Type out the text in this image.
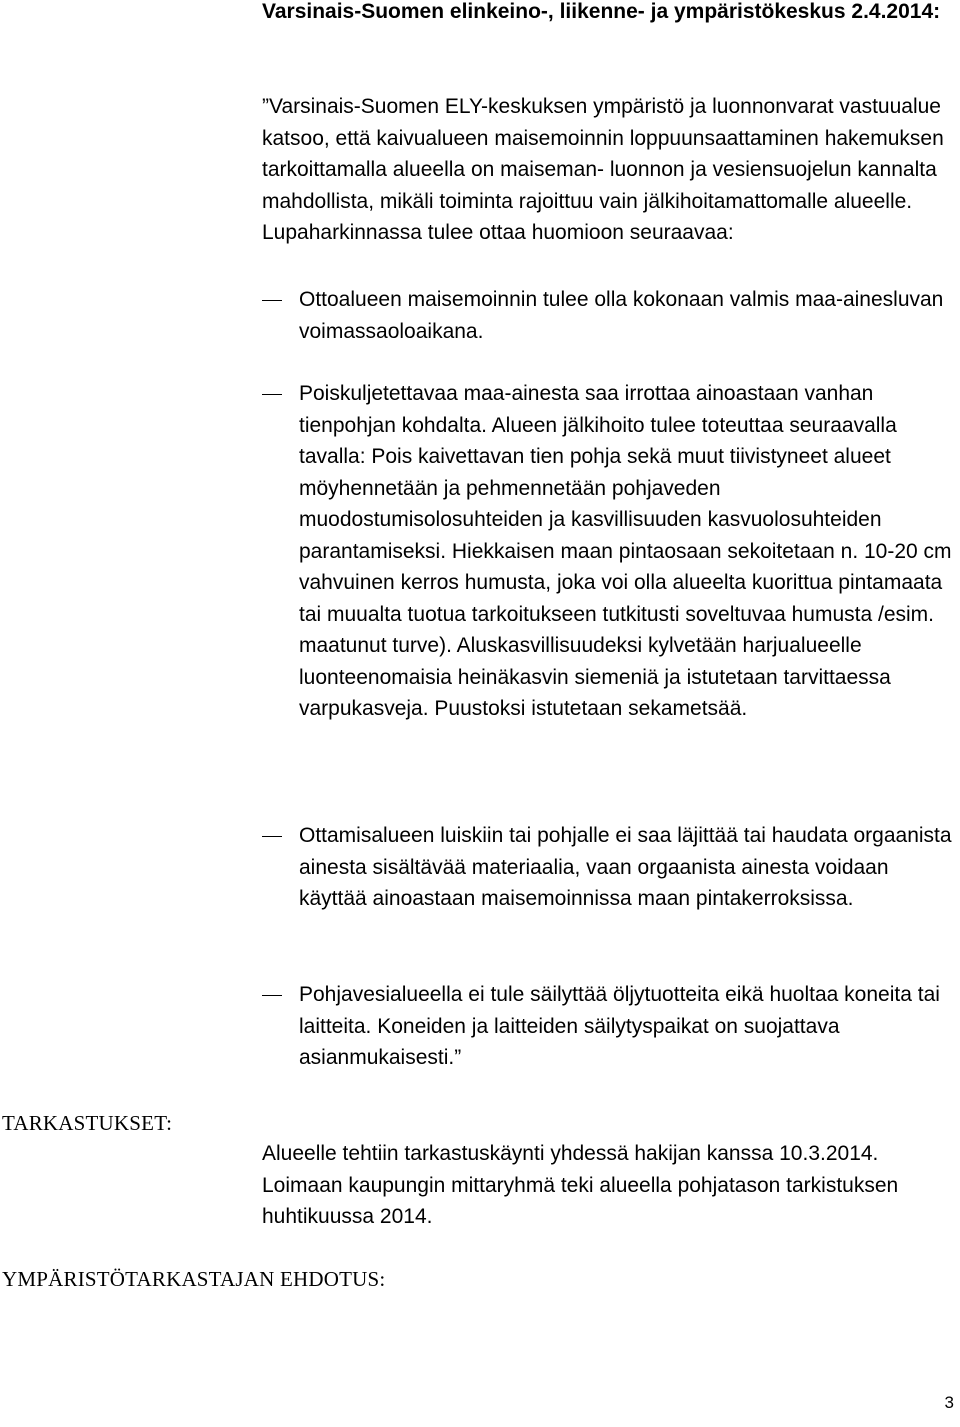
Varsinais-Suomen elinkeino-, liikenne- ja ympäristökeskus 2.4.2014:

”Varsinais-Suomen ELY-keskuksen ympäristö ja luonnonvarat vastuualue katsoo, että kaivualueen maisemoinnin loppuunsaattaminen hakemuksen tarkoittamalla alueella on maiseman- luonnon ja vesiensuojelun kannalta mahdollista, mikäli toiminta rajoittuu vain jälkihoitamattomalle alueelle. Lupaharkinnassa tulee ottaa huomioon seuraavaa:

Ottoalueen maisemoinnin tulee olla kokonaan valmis maa-ainesluvan voimassaoloaikana.
Poiskuljetettavaa maa-ainesta saa irrottaa ainoastaan vanhan tienpohjan kohdalta. Alueen jälkihoito tulee toteuttaa seuraavalla tavalla: Pois kaivettavan tien pohja sekä muut tiivistyneet alueet möyhennetään ja pehmennetään pohjaveden muodostumisolosuhteiden ja kasvillisuuden kasvuolosuhteiden parantamiseksi. Hiekkaisen maan pintaosaan sekoitetaan n. 10-20 cm vahvuinen kerros humusta, joka voi olla alueelta kuorittua pintamaata tai muualta tuotua tarkoitukseen tutkitusti soveltuvaa humusta /esim. maatunut turve). Aluskasvillisuudeksi kylvetään harjualueelle luonteenomaisia heinäkasvin siemeniä ja istutetaan tarvittaessa varpukasveja. Puustoksi istutetaan sekametsää.
Ottamisalueen luiskiin tai pohjalle ei saa läjittää tai haudata orgaanista ainesta sisältävää materiaalia, vaan orgaanista ainesta voidaan käyttää ainoastaan maisemoinnissa maan pintakerroksissa.
Pohjavesialueella ei tule säilyttää öljytuotteita eikä huoltaa koneita tai laitteita. Koneiden ja laitteiden säilytyspaikat on suojattava asianmukaisesti.”
TARKASTUKSET:

Alueelle tehtiin tarkastuskäynti yhdessä hakijan kanssa 10.3.2014. Loimaan kaupungin mittaryhmä teki alueella pohjatason tarkistuksen huhtikuussa 2014.

YMPÄRISTÖTARKASTAJAN EHDOTUS:
3
